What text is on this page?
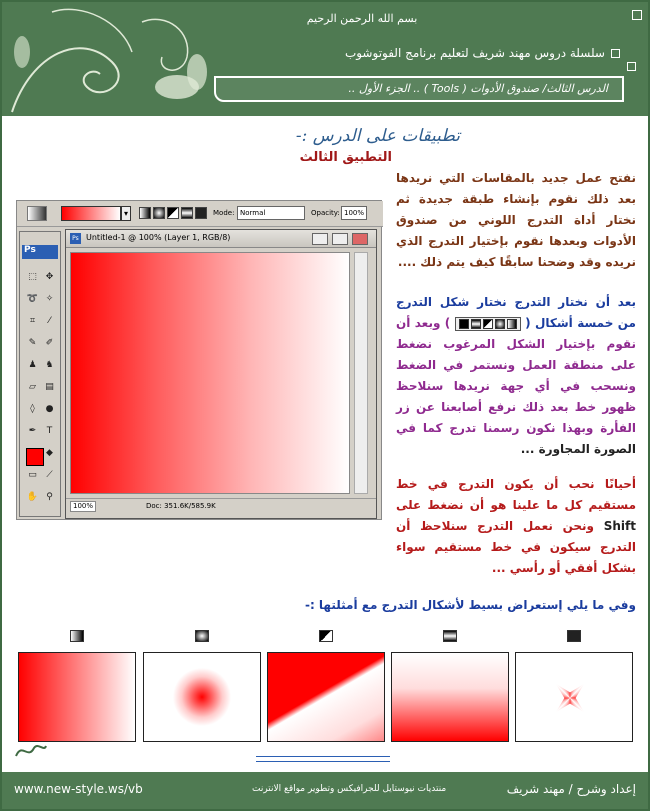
بسم الله الرحمن الرحيم
سلسلة دروس مهند شريف لتعليم برنامج الفوتوشوب
الدرس الثالث/ صندوق الأدوات ( Tools ) .. الجزء الأول ..
تطبيقات على الدرس :-
التطبيق الثالث
نفتح عمل جديد بالمقاسات التي نريدها بعد ذلك نقوم بإنشاء طبقة جديدة ثم نختار أداة التدرج اللوني من صندوق الأدوات وبعدها نقوم بإختيار التدرج الذي نريده وقد وضحنا سابقًا كيف يتم ذلك ....
بعد أن نختار التدرج نختار شكل التدرج من خمسة أشكال (  ) وبعد أن نقوم بإختيار الشكل المرغوب نضغط على منطقة العمل ونستمر في الضغط ونسحب في أي جهة نريدها سنلاحظ ظهور خط بعد ذلك نرفع أصابعنا عن زر الفأرة وبهذا نكون رسمنا تدرج كما في الصورة المجاورة ...
أحيانًا نحب أن يكون التدرج في خط مستقيم كل ما علينا هو أن نضغط على Shift ونحن نعمل التدرج سنلاحظ أن التدرج سيكون في خط مستقيم سواء بشكل أفقي أو رأسي ...
▾	Mode: Normal	Opacity: 100%
Ps
⬚ ✥ ➰ ✧ ⌗ ⁄ ✎ ✐ ♟ ♞ ▱ ▤ ◊ ● ✒ T ◆ ▭ ⟋ ✋ ⚲
Ps Untitled-1 @ 100% (Layer 1, RGB/8)
100%	Doc: 351.6K/585.9K
وفي ما يلي إستعراض بسيط لأشكال التدرج مع أمثلتها :-
www.new-style.ws/vb	منتديات نيوستايل للجرافيكس وتطوير مواقع الانترنت	إعداد وشرح / مهند شريف
